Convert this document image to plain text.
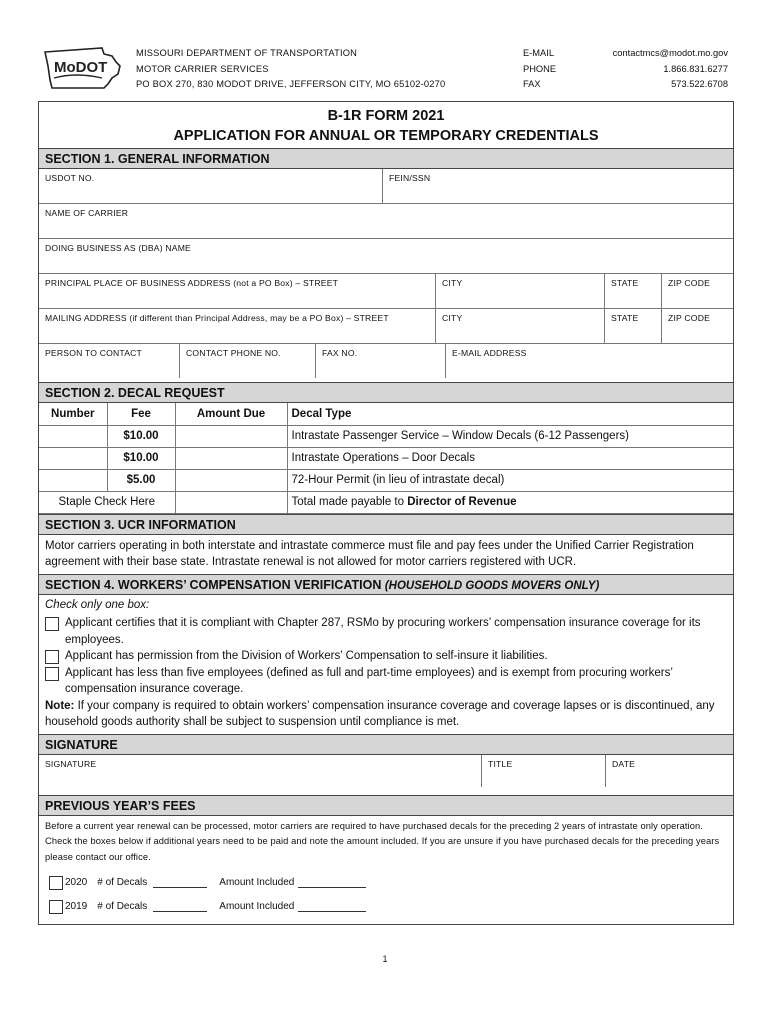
MoDOT
MISSOURI DEPARTMENT OF TRANSPORTATION
MOTOR CARRIER SERVICES
PO BOX 270, 830 MODOT DRIVE, JEFFERSON CITY, MO 65102-0270
E-MAIL
PHONE
FAX
contactmcs@modot.mo.gov
1.866.831.6277
573.522.6708
B-1R FORM 2021
APPLICATION FOR ANNUAL OR TEMPORARY CREDENTIALS
SECTION 1. GENERAL INFORMATION
USDOT NO.	FEIN/SSN
NAME OF CARRIER
DOING BUSINESS AS (DBA) NAME
PRINCIPAL PLACE OF BUSINESS ADDRESS (not a PO Box) – STREET	CITY	STATE	ZIP CODE
MAILING ADDRESS (if different than Principal Address, may be a PO Box) – STREET	CITY	STATE	ZIP CODE
PERSON TO CONTACT	CONTACT PHONE NO.	FAX NO.	E-MAIL ADDRESS
SECTION 2. DECAL REQUEST
Number	Fee	Amount Due	Decal Type
	$10.00		Intrastate Passenger Service – Window Decals (6-12 Passengers)
	$10.00		Intrastate Operations – Door Decals
	$5.00		72-Hour Permit (in lieu of intrastate decal)
Staple Check Here			Total made payable to Director of Revenue
SECTION 3. UCR INFORMATION
Motor carriers operating in both interstate and intrastate commerce must file and pay fees under the Unified Carrier Registration agreement with their base state. Intrastate renewal is not allowed for motor carriers registered with UCR.
SECTION 4. WORKERS’ COMPENSATION VERIFICATION (HOUSEHOLD GOODS MOVERS ONLY)
Check only one box:
Applicant certifies that it is compliant with Chapter 287, RSMo by procuring workers’ compensation insurance coverage for its employees.
Applicant has permission from the Division of Workers’ Compensation to self-insure it liabilities.
Applicant has less than five employees (defined as full and part-time employees) and is exempt from procuring workers’ compensation insurance coverage.
Note: If your company is required to obtain workers’ compensation insurance coverage and coverage lapses or is discontinued, any household goods authority shall be subject to suspension until compliance is met.
SIGNATURE
SIGNATURE	TITLE	DATE
PREVIOUS YEAR’S FEES
Before a current year renewal can be processed, motor carriers are required to have purchased decals for the preceding 2 years of intrastate only operation. Check the boxes below if additional years need to be paid and note the amount included. If you are unsure if you have purchased decals for the preceding years please contact our office.
2020 # of Decals	Amount Included
2019 # of Decals	Amount Included
1
